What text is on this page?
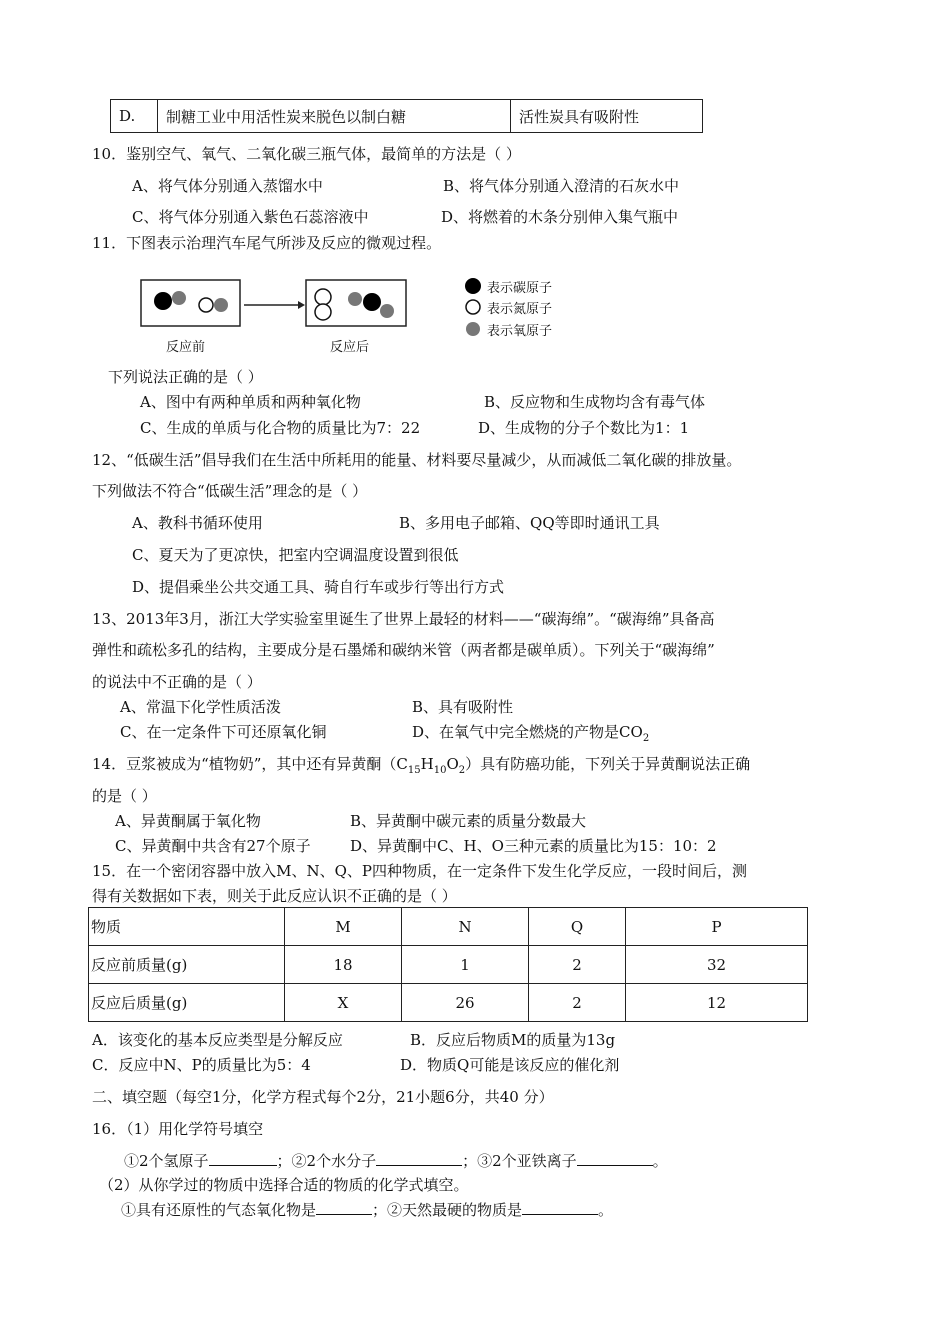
D.	制糖工业中用活性炭来脱色以制白糖	活性炭具有吸附性
10．鉴别空气、氧气、二氧化碳三瓶气体，最简单的方法是（ ）
A、将气体分别通入蒸馏水中	B、将气体分别通入澄清的石灰水中
C、将气体分别通入紫色石蕊溶液中	D、将燃着的木条分别伸入集气瓶中
11．下图表示治理汽车尾气所涉及反应的微观过程。
反应前	反应后
表示碳原子
表示氮原子
表示氧原子
下列说法正确的是（ ）
A、图中有两种单质和两种氧化物	B、反应物和生成物均含有毒气体
C、生成的单质与化合物的质量比为7：22	D、生成物的分子个数比为1：1
12、“低碳生活”倡导我们在生活中所耗用的能量、材料要尽量减少，从而减低二氧化碳的排放量。
下列做法不符合“低碳生活”理念的是（ ）
A、教科书循环使用	B、多用电子邮箱、QQ等即时通讯工具
C、夏天为了更凉快，把室内空调温度设置到很低
D、提倡乘坐公共交通工具、骑自行车或步行等出行方式
13、2013年3月，浙江大学实验室里诞生了世界上最轻的材料——“碳海绵”。“碳海绵”具备高
弹性和疏松多孔的结构，主要成分是石墨烯和碳纳米管（两者都是碳单质）。下列关于“碳海绵”
的说法中不正确的是（ ）
A、常温下化学性质活泼	B、具有吸附性
C、在一定条件下可还原氧化铜	D、在氧气中完全燃烧的产物是$CO_2$
14．豆浆被成为“植物奶”，其中还有异黄酮$(C_{15}H_{10}O_2)$具有防癌功能，下列关于异黄酮说法正确
的是（ ）
A、异黄酮属于氧化物	B、异黄酮中碳元素的质量分数最大
C、异黄酮中共含有27个原子	D、异黄酮中C、H、O三种元素的质量比为15：10：2
15．在一个密闭容器中放入M、N、Q、P四种物质，在一定条件下发生化学反应，一段时间后，测
得有关数据如下表，则关于此反应认识不正确的是（ ）
物质	M	N	Q	P
反应前质量(g)	18	1	2	32
反应后质量(g)	X	26	2	12
A．该变化的基本反应类型是分解反应	B．反应后物质M的质量为13g
C．反应中N、P的质量比为5：4	D．物质Q可能是该反应的催化剂
二、填空题（每空1分，化学方程式每个2分，21小题6分，共40 分）
16．（1）用化学符号填空
①2个氢原子	；②2个水分子	；③2个亚铁离子	。
（2）从你学过的物质中选择合适的物质的化学式填空。
①具有还原性的气态氧化物是	；②天然最硬的物质是	。
